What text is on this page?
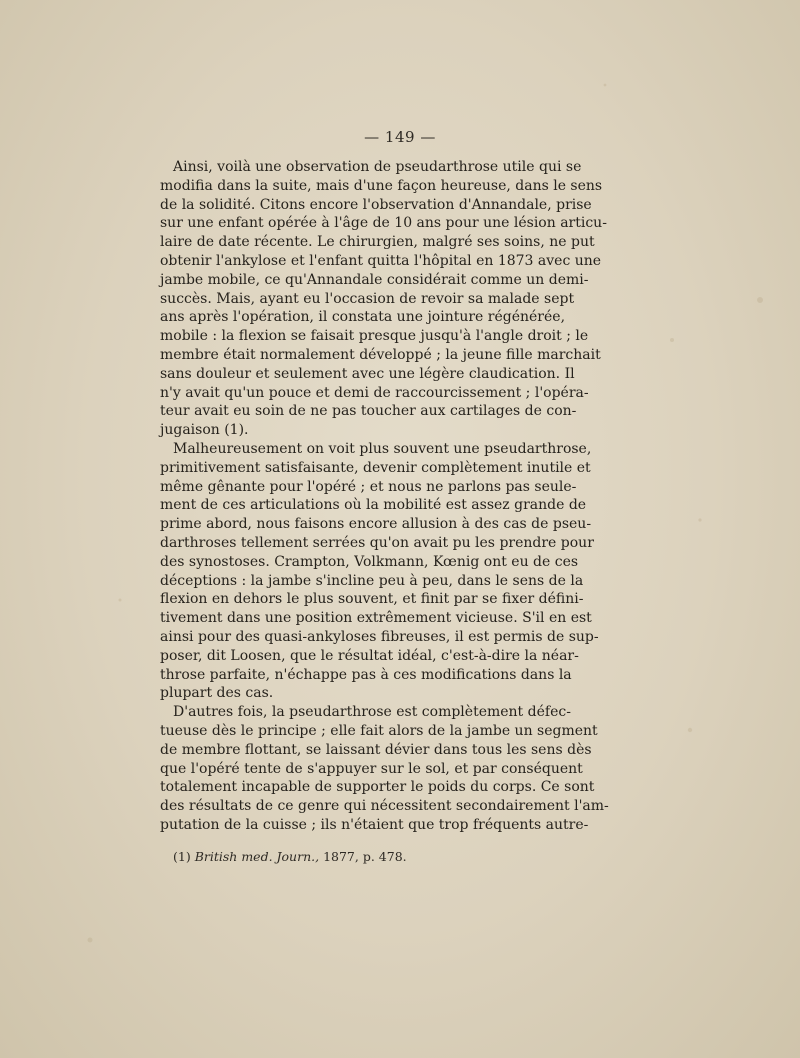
— 149 —
Ainsi, voilà une observation de pseudarthrose utile qui se
modifia dans la suite, mais d'une façon heureuse, dans le sens
de la solidité. Citons encore l'observation d'Annandale, prise
sur une enfant opérée à l'âge de 10 ans pour une lésion articu-
laire de date récente. Le chirurgien, malgré ses soins, ne put
obtenir l'ankylose et l'enfant quitta l'hôpital en 1873 avec une
jambe mobile, ce qu'Annandale considérait comme un demi-
succès. Mais, ayant eu l'occasion de revoir sa malade sept
ans après l'opération, il constata une jointure régénérée,
mobile : la flexion se faisait presque jusqu'à l'angle droit ; le
membre était normalement développé ; la jeune fille marchait
sans douleur et seulement avec une légère claudication. Il
n'y avait qu'un pouce et demi de raccourcissement ; l'opéra-
teur avait eu soin de ne pas toucher aux cartilages de con-
jugaison (1).
Malheureusement on voit plus souvent une pseudarthrose,
primitivement satisfaisante, devenir complètement inutile et
même gênante pour l'opéré ; et nous ne parlons pas seule-
ment de ces articulations où la mobilité est assez grande de
prime abord, nous faisons encore allusion à des cas de pseu-
darthroses tellement serrées qu'on avait pu les prendre pour
des synostoses. Crampton, Volkmann, Kœnig ont eu de ces
déceptions : la jambe s'incline peu à peu, dans le sens de la
flexion en dehors le plus souvent, et finit par se fixer défini-
tivement dans une position extrêmement vicieuse. S'il en est
ainsi pour des quasi-ankyloses fibreuses, il est permis de sup-
poser, dit Loosen, que le résultat idéal, c'est-à-dire la néar-
throse parfaite, n'échappe pas à ces modifications dans la
plupart des cas.
D'autres fois, la pseudarthrose est complètement défec-
tueuse dès le principe ; elle fait alors de la jambe un segment
de membre flottant, se laissant dévier dans tous les sens dès
que l'opéré tente de s'appuyer sur le sol, et par conséquent
totalement incapable de supporter le poids du corps. Ce sont
des résultats de ce genre qui nécessitent secondairement l'am-
putation de la cuisse ; ils n'étaient que trop fréquents autre-
(1) British med. Journ., 1877, p. 478.
